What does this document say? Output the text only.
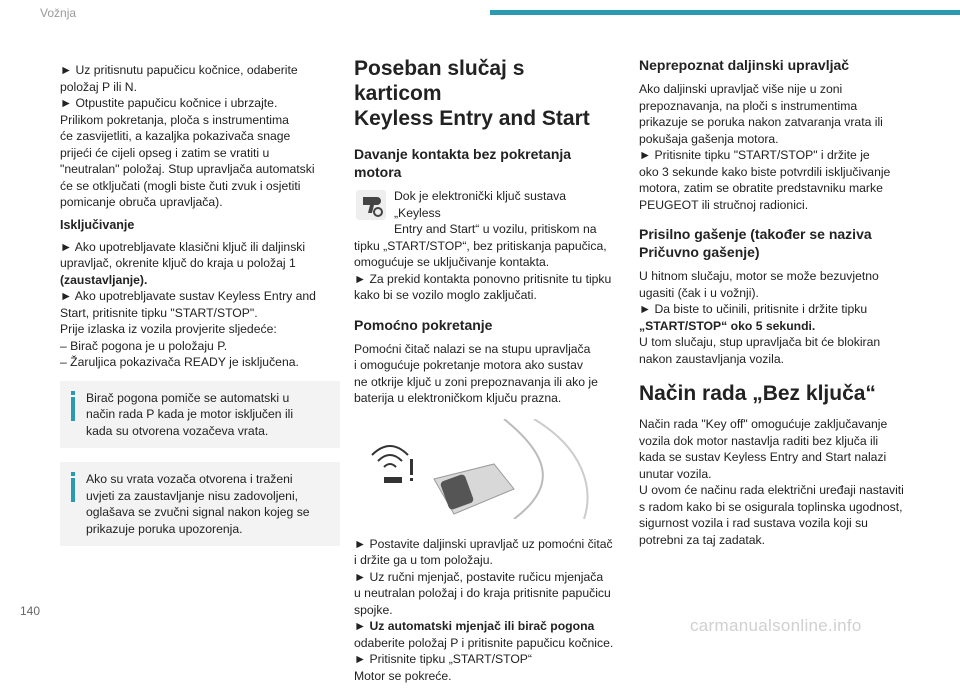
Vožnja

► Uz pritisnutu papučicu kočnice, odaberite
položaj P ili N.
► Otpustite papučicu kočnice i ubrzajte.
Prilikom pokretanja, ploča s instrumentima
će zasvijetliti, a kazaljka pokazivača snage
prijeći će cijeli opseg i zatim se vratiti u
"neutralan" položaj. Stup upravljača automatski
će se otključati (mogli biste čuti zvuk i osjetiti
pomicanje obruča upravljača).

Isključivanje

► Ako upotrebljavate klasični ključ ili daljinski
upravljač, okrenite ključ do kraja u položaj 1
(zaustavljanje).
► Ako upotrebljavate sustav Keyless Entry and
Start, pritisnite tipku "START/STOP".
Prije izlaska iz vozila provjerite sljedeće:
– Birač pogona je u položaju P.
– Žaruljica pokazivača READY je isključena.

Birač pogona pomiče se automatski u
način rada P kada je motor isključen ili
kada su otvorena vozačeva vrata.
Ako su vrata vozača otvorena i traženi
uvjeti za zaustavljanje nisu zadovoljeni,
oglašava se zvučni signal nakon kojeg se
prikazuje poruka upozorenja.
Poseban slučaj s karticom
Keyless Entry and Start
Davanje kontakta bez pokretanja
motora

Dok je elektronički ključ sustava „Keyless
Entry and Start“ u vozilu, pritiskom na
tipku „START/STOP“, bez pritiskanja papučica,
omogućuje se uključivanje kontakta.
► Za prekid kontakta ponovno pritisnite tu tipku
kako bi se vozilo moglo zaključati.

Pomoćno pokretanje

Pomoćni čitač nalazi se na stupu upravljača
i omogućuje pokretanje motora ako sustav
ne otkrije ključ u zoni prepoznavanja ili ako je
baterija u elektroničkom ključu prazna.

► Postavite daljinski upravljač uz pomoćni čitač
i držite ga u tom položaju.
► Uz ručni mjenjač, postavite ručicu mjenjača
u neutralan položaj i do kraja pritisnite papučicu
spojke.
► Uz automatski mjenjač ili birač pogona
odaberite položaj P i pritisnite papučicu kočnice.
► Pritisnite tipku „START/STOP“
Motor se pokreće.

Neprepoznat daljinski upravljač

Ako daljinski upravljač više nije u zoni
prepoznavanja, na ploči s instrumentima
prikazuje se poruka nakon zatvaranja vrata ili
pokušaja gašenja motora.
► Pritisnite tipku "START/STOP" i držite je
oko 3 sekunde kako biste potvrdili isključivanje
motora, zatim se obratite predstavniku marke
PEUGEOT ili stručnoj radionici.

Prisilno gašenje (također se naziva
Pričuvno gašenje)

U hitnom slučaju, motor se može bezuvjetno
ugasiti (čak i u vožnji).
► Da biste to učinili, pritisnite i držite tipku
„START/STOP“ oko 5 sekundi.
U tom slučaju, stup upravljača bit će blokiran
nakon zaustavljanja vozila.

Način rada „Bez ključa“

Način rada "Key off" omogućuje zaključavanje
vozila dok motor nastavlja raditi bez ključa ili
kada se sustav Keyless Entry and Start nalazi
unutar vozila.
U ovom će načinu rada električni uređaji nastaviti
s radom kako bi se osigurala toplinska ugodnost,
sigurnost vozila i rad sustava vozila koji su
potrebni za taj zadatak.

140
carmanualsonline.info
